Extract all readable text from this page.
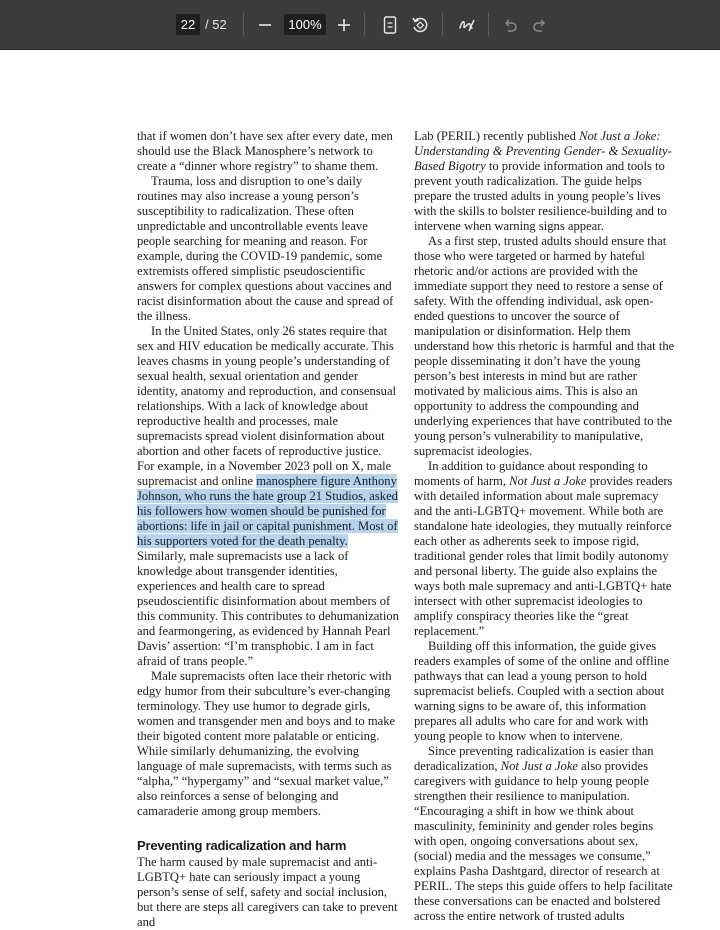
22
/ 52	100%

that if women don’t have sex after every date, men should use the Black Manosphere’s network to create a “dinner whore registry” to shame them.

Trauma, loss and disruption to one’s daily routines may also increase a young person’s susceptibility to radicalization. These often unpredictable and uncontrollable events leave people searching for meaning and reason. For example, during the COVID-19 pandemic, some extremists offered simplistic pseudoscientific answers for complex questions about vaccines and racist disinformation about the cause and spread of the illness.

In the United States, only 26 states require that sex and HIV education be medically accurate. This leaves chasms in young people’s understanding of sexual health, sexual orientation and gender identity, anatomy and reproduction, and consensual relationships. With a lack of knowledge about reproductive health and processes, male supremacists spread violent disinformation about abortion and other facets of reproductive justice. For example, in a November 2023 poll on X, male supremacist and online manosphere figure Anthony Johnson, who runs the hate group 21 Studios, asked his followers how women should be punished for abortions: life in jail or capital punishment. Most of his supporters voted for the death penalty. Similarly, male supremacists use a lack of knowledge about transgender identities, experiences and health care to spread pseudoscientific disinformation about members of this community. This contributes to dehumanization and fearmongering, as evidenced by Hannah Pearl Davis’ assertion: “I’m transphobic. I am in fact afraid of trans people.”

Male supremacists often lace their rhetoric with edgy humor from their subculture’s ever-changing terminology. They use humor to degrade girls, women and transgender men and boys and to make their bigoted content more palatable or enticing. While similarly dehumanizing, the evolving language of male supremacists, with terms such as “alpha,” “hypergamy” and “sexual market value,” also reinforces a sense of belonging and camaraderie among group members.

Preventing radicalization and harm

The harm caused by male supremacist and anti-LGBTQ+ hate can seriously impact a young person’s sense of self, safety and social inclusion, but there are steps all caregivers can take to prevent and

Lab (PERIL) recently published Not Just a Joke: Understanding & Preventing Gender- & Sexuality-Based Bigotry to provide information and tools to prevent youth radicalization. The guide helps prepare the trusted adults in young people’s lives with the skills to bolster resilience-building and to intervene when warning signs appear.

As a first step, trusted adults should ensure that those who were targeted or harmed by hateful rhetoric and/or actions are provided with the immediate support they need to restore a sense of safety. With the offending individual, ask open-ended questions to uncover the source of manipulation or disinformation. Help them understand how this rhetoric is harmful and that the people disseminating it don’t have the young person’s best interests in mind but are rather motivated by malicious aims. This is also an opportunity to address the compounding and underlying experiences that have contributed to the young person’s vulnerability to manipulative, supremacist ideologies.

In addition to guidance about responding to moments of harm, Not Just a Joke provides readers with detailed information about male supremacy and the anti-LGBTQ+ movement. While both are standalone hate ideologies, they mutually reinforce each other as adherents seek to impose rigid, traditional gender roles that limit bodily autonomy and personal liberty. The guide also explains the ways both male supremacy and anti-LGBTQ+ hate intersect with other supremacist ideologies to amplify conspiracy theories like the “great replacement.”

Building off this information, the guide gives readers examples of some of the online and offline pathways that can lead a young person to hold supremacist beliefs. Coupled with a section about warning signs to be aware of, this information prepares all adults who care for and work with young people to know when to intervene.

Since preventing radicalization is easier than deradicalization, Not Just a Joke also provides caregivers with guidance to help young people strengthen their resilience to manipulation. “Encouraging a shift in how we think about masculinity, femininity and gender roles begins with open, ongoing conversations about sex, (social) media and the messages we consume,” explains Pasha Dashtgard, director of research at PERIL. The steps this guide offers to help facilitate these conversations can be enacted and bolstered across the entire network of trusted adults
